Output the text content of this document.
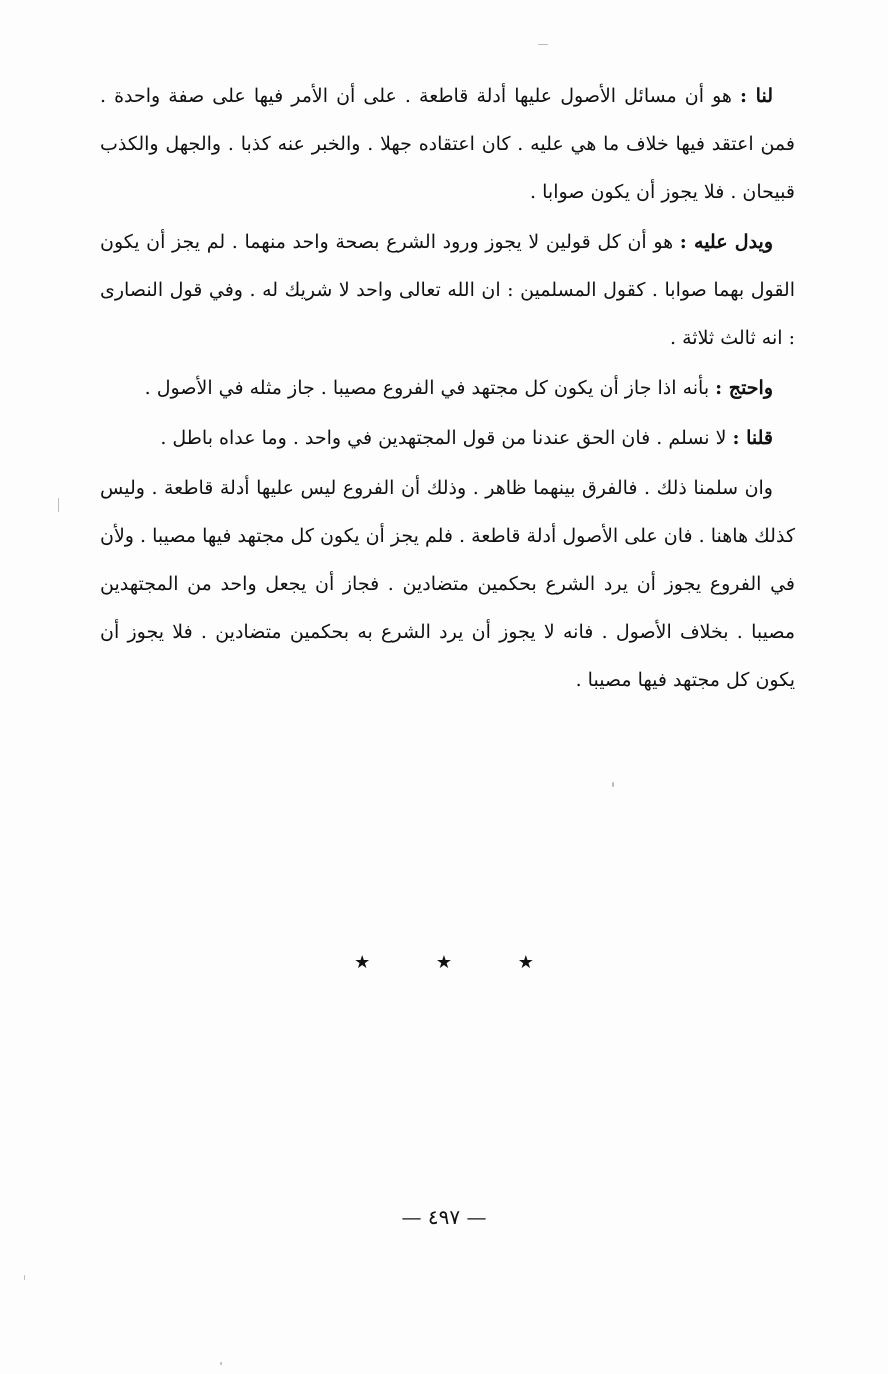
لنا : هو أن مسائل الأصول عليها أدلة قاطعة . على أن الأمر فيها على صفة واحدة . فمن اعتقد فيها خلاف ما هي عليه . كان اعتقاده جهلا . والخبر عنه كذبا . والجهل والكذب قبيحان . فلا يجوز أن يكون صوابا .

ويدل عليه : هو أن كل قولين لا يجوز ورود الشرع بصحة واحد منهما . لم يجز أن يكون القول بهما صوابا . كقول المسلمين : ان الله تعالى واحد لا شريك له . وفي قول النصارى : انه ثالث ثلاثة .

واحتج : بأنه اذا جاز أن يكون كل مجتهد في الفروع مصيبا . جاز مثله في الأصول .

قلنا : لا نسلم . فان الحق عندنا من قول المجتهدين في واحد . وما عداه باطل .

وان سلمنا ذلك . فالفرق بينهما ظاهر . وذلك أن الفروع ليس عليها أدلة قاطعة . وليس كذلك هاهنا . فان على الأصول أدلة قاطعة . فلم يجز أن يكون كل مجتهد فيها مصيبا . ولأن في الفروع يجوز أن يرد الشرع بحكمين متضادين . فجاز أن يجعل واحد من المجتهدين مصيبا . بخلاف الأصول . فانه لا يجوز أن يرد الشرع به بحكمين متضادين . فلا يجوز أن يكون كل مجتهد فيها مصيبا .

★ ★ ★
— ٤٩٧ —
